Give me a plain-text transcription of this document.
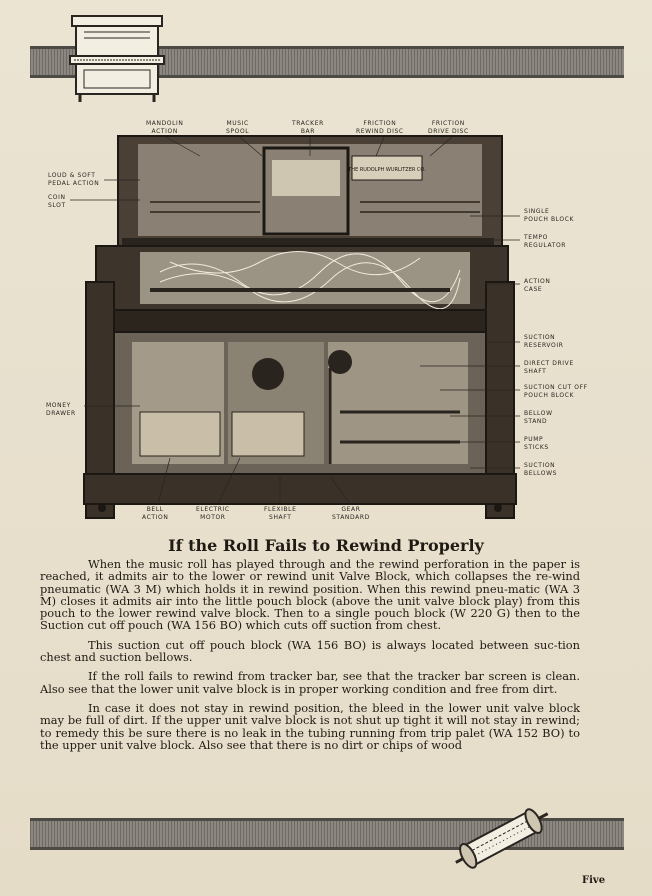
THE RUDOLPH WURLITZER CO.
MANDOLIN
ACTION
MUSIC
SPOOL
TRACKER
BAR
FRICTION
REWIND DISC
FRICTION
DRIVE DISC
LOUD & SOFT
PEDAL ACTION
COIN
SLOT
SINGLE
POUCH BLOCK
TEMPO
REGULATOR
ACTION
CASE
SUCTION
RESERVOIR
DIRECT DRIVE
SHAFT
SUCTION CUT OFF
POUCH BLOCK
MONEY
DRAWER	BELLOW
STAND
PUMP
STICKS
SUCTION
BELLOWS
BELL
ACTION
ELECTRIC
MOTOR
FLEXIBLE
SHAFT
GEAR
STANDARD
If the Roll Fails to Rewind Properly

When the music roll has played through and the rewind perforation in the paper is reached, it admits air to the lower or rewind unit Valve Block, which collapses the re-wind pneumatic (WA 3 M) which holds it in rewind position. When this rewind pneu-matic (WA 3 M) closes it admits air into the little pouch block (above the unit valve block play) from this pouch to the lower rewind valve block. Then to a single pouch block (W 220 G) then to the Suction cut off pouch (WA 156 BO) which cuts off suction from chest.

This suction cut off pouch block (WA 156 BO) is always located between suc-tion chest and suction bellows.

If the roll fails to rewind from tracker bar, see that the tracker bar screen is clean. Also see that the lower unit valve block is in proper working condition and free from dirt.

In case it does not stay in rewind position, the bleed in the lower unit valve block may be full of dirt. If the upper unit valve block is not shut up tight it will not stay in rewind; to remedy this be sure there is no leak in the tubing running from trip palet (WA 152 BO) to the upper unit valve block. Also see that there is no dirt or chips of wood

Five
